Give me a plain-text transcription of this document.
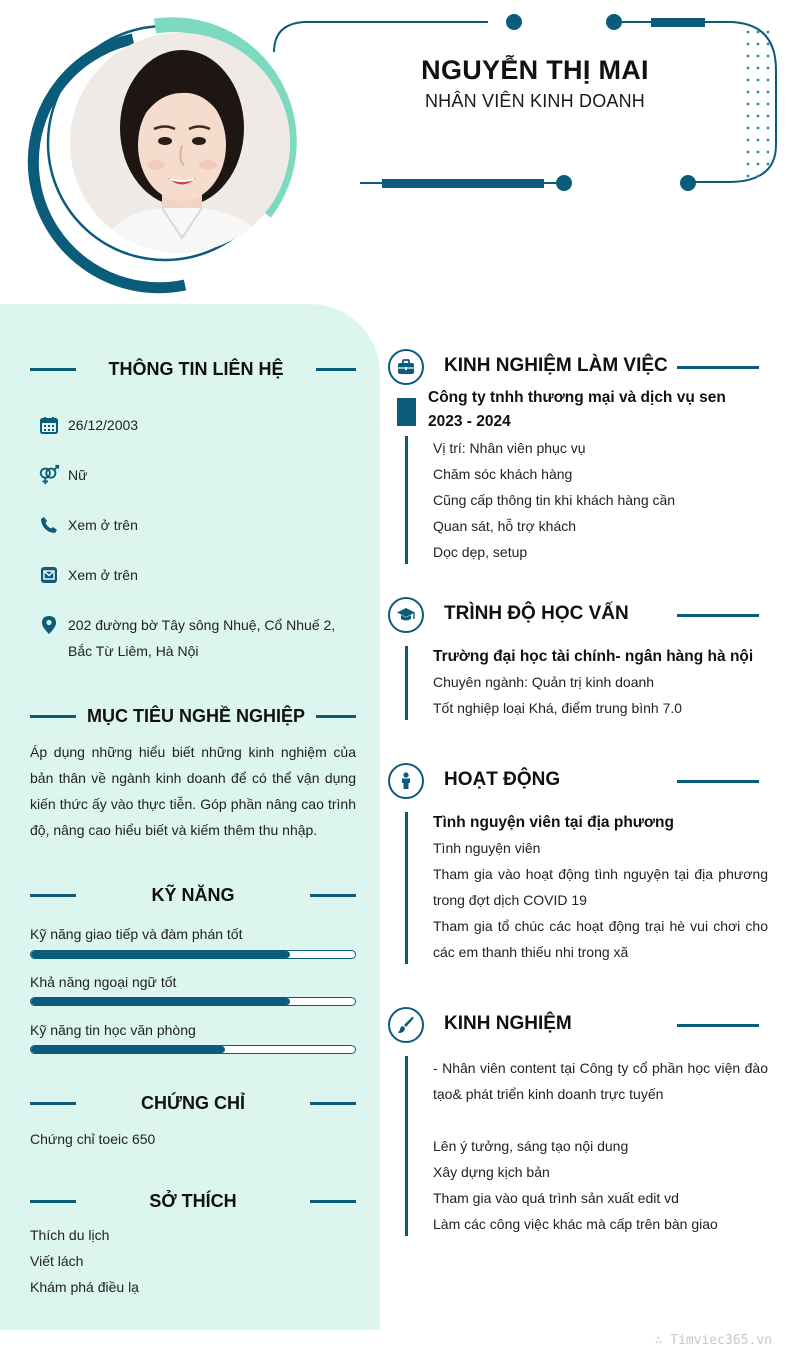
NGUYỄN THỊ MAI
NHÂN VIÊN KINH DOANH
THÔNG TIN LIÊN HỆ
26/12/2003
Nữ
Xem ở trên
Xem ở trên
202 đường bờ Tây sông Nhuệ, Cổ Nhuế 2,
Bắc Từ Liêm, Hà Nội
MỤC TIÊU NGHỀ NGHIỆP
Áp dụng những hiểu biết những kinh nghiệm của bản thân về ngành kinh doanh để có thể vận dụng kiến thức ấy vào thực tiễn. Góp phần nâng cao trình độ, nâng cao hiểu biết và kiếm thêm thu nhập.
KỸ NĂNG
Kỹ năng giao tiếp và đàm phán tốt
Khả năng ngoại ngữ tốt
Kỹ năng tin học văn phòng
CHỨNG CHỈ
Chứng chỉ toeic 650
SỞ THÍCH
Thích du lịch
Viết lách
Khám phá điều lạ
KINH NGHIỆM LÀM VIỆC
Công ty tnhh thương mại và dịch vụ sen
2023 - 2024
Vị trí: Nhân viên phục vụ
Chăm sóc khách hàng
Cũng cấp thông tin khi khách hàng cần
Quan sát, hỗ trợ khách
Dọc dẹp, setup
TRÌNH ĐỘ HỌC VẤN
Trường đại học tài chính- ngân hàng hà nội
Chuyên ngành: Quản trị kinh doanh
Tốt nghiệp loại Khá, điểm trung bình 7.0
HOẠT ĐỘNG
Tình nguyện viên tại địa phương
Tình nguyện viên
Tham gia vào hoạt động tình nguyện tại địa phương trong đợt dịch COVID 19
Tham gia tổ chúc các hoạt động trại hè vui chơi cho các em thanh thiếu nhi trong xã
KINH NGHIỆM
- Nhân viên content tại Công ty cổ phần học viện đào tạo& phát triển kinh doanh trực tuyến
Lên ý tưởng, sáng tạo nội dung
Xây dựng kịch bản
Tham gia vào quá trình sản xuất edit vd
Làm các công việc khác mà cấp trên bàn giao
∴ Timviec365.vn
